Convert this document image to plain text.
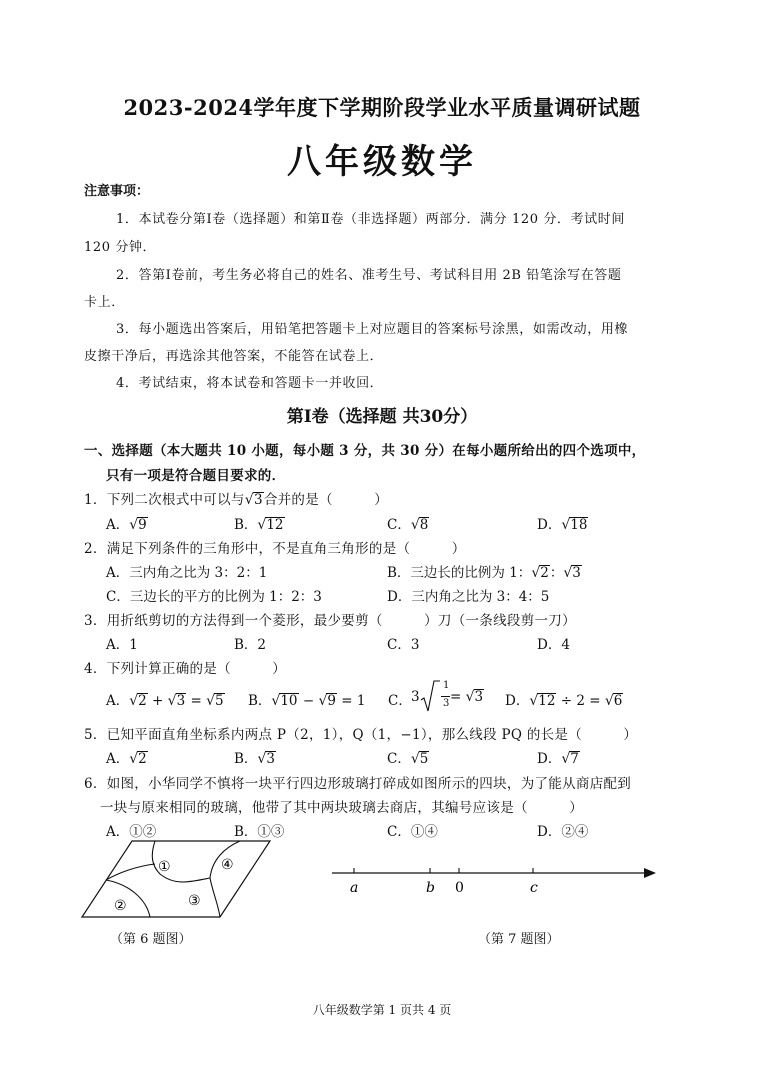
2023-2024学年度下学期阶段学业水平质量调研试题
八年级数学
注意事项：
1．本试卷分第Ⅰ卷（选择题）和第Ⅱ卷（非选择题）两部分．满分 120 分．考试时间
120 分钟．
2．答第Ⅰ卷前，考生务必将自己的姓名、准考生号、考试科目用 2B 铅笔涂写在答题
卡上．
3．每小题选出答案后，用铅笔把答题卡上对应题目的答案标号涂黑，如需改动，用橡
皮擦干净后，再选涂其他答案，不能答在试卷上．
4．考试结束，将本试卷和答题卡一并收回．
第Ⅰ卷（选择题 共30分）
一、选择题（本大题共 10 小题，每小题 3 分，共 30 分）在每小题所给出的四个选项中，
只有一项是符合题目要求的．
1．下列二次根式中可以与√3合并的是（　　　）
A．√9	B．√12	C．√8	D．√18
2．满足下列条件的三角形中，不是直角三角形的是（　　　）
A．三内角之比为 3：2：1	B．三边长的比例为 1：√2：√3
C．三边长的平方的比例为 1：2：3	D．三内角之比为 3：4：5
3．用折纸剪切的方法得到一个菱形，最少要剪（　　　）刀（一条线段剪一刀）
A．1	B．2	C．3	D．4
4．下列计算正确的是（　　　）
A．√2 + √3 = √5 B．√10 − √9 = 1 C． 3
1
3 = √3 D．√12 ÷ 2 = √6
5．已知平面直角坐标系内两点 P（2，1），Q（1，−1），那么线段 PQ 的长是（　　　）
A．√2	B．√3	C．√5	D．√7
6．如图，小华同学不慎将一块平行四边形玻璃打碎成如图所示的四块，为了能从商店配到
一块与原来相同的玻璃，他带了其中两块玻璃去商店，其编号应该是（　　　）
A．①②	B．①③	C．①④	D．②④
①
②	③
④
（第 6 题图）
a	b 0	c
（第 7 题图）
八年级数学第 1 页共 4 页
